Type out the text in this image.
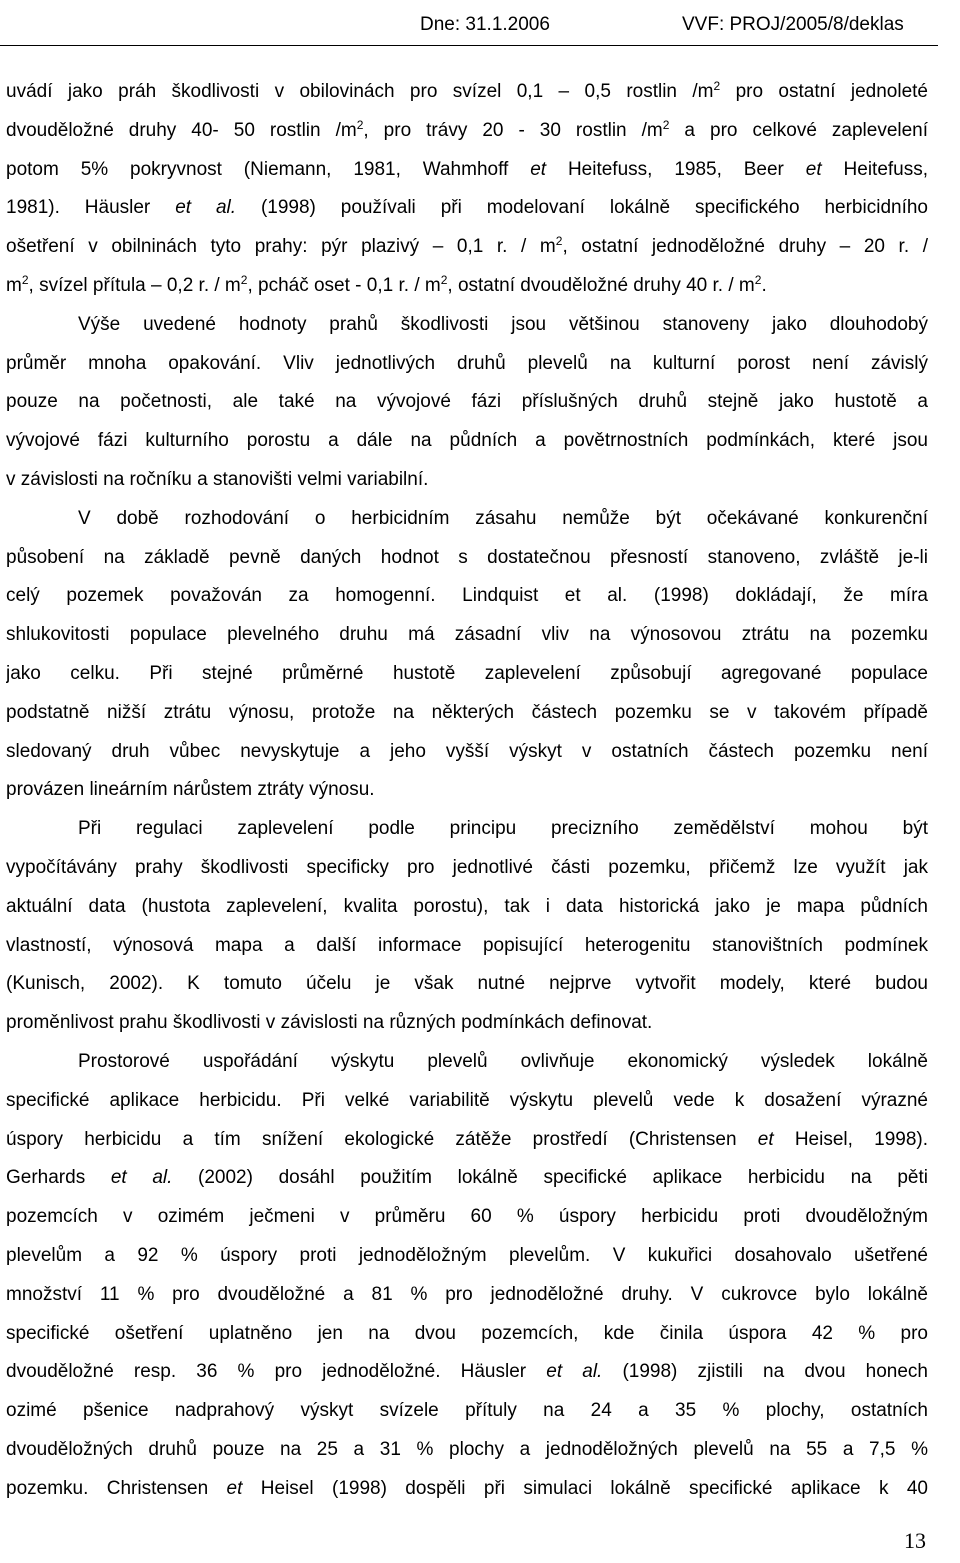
Dne: 31.1.2006	VVF: PROJ/2005/8/deklas
uvádí jako práh škodlivosti v obilovinách pro svízel 0,1 – 0,5 rostlin $/m^2$ pro ostatní jednoleté
dvouděložné druhy 40- 50 rostlin $/m^2$, pro trávy 20 - 30 rostlin $/m^2$ a pro celkové zaplevelení
potom 5% pokryvnost (Niemann, 1981, Wahmhoff et Heitefuss, 1985, Beer et Heitefuss,
1981). Häusler et al. (1998) používali při modelovaní lokálně specifického herbicidního
ošetření v obilninách tyto prahy: pýr plazivý – 0,1 r. / $m^2$, ostatní jednoděložné druhy – 20 r. /
$m^2$, svízel přítula – 0,2 r. / $m^2$, pcháč oset - 0,1 r. / $m^2$, ostatní dvouděložné druhy 40 r. / $m^2$.
Výše uvedené hodnoty prahů škodlivosti jsou většinou stanoveny jako dlouhodobý
průměr mnoha opakování. Vliv jednotlivých druhů plevelů na kulturní porost není závislý
pouze na početnosti, ale také na vývojové fázi příslušných druhů stejně jako hustotě a
vývojové fázi kulturního porostu a dále na půdních a povětrnostních podmínkách, které jsou
v závislosti na ročníku a stanovišti velmi variabilní.
V době rozhodování o herbicidním zásahu nemůže být očekávané konkurenční
působení na základě pevně daných hodnot s dostatečnou přesností stanoveno, zvláště je-li
celý pozemek považován za homogenní. Lindquist et al. (1998) dokládají, že míra
shlukovitosti populace plevelného druhu má zásadní vliv na výnosovou ztrátu na pozemku
jako celku. Při stejné průměrné hustotě zaplevelení způsobují agregované populace
podstatně nižší ztrátu výnosu, protože na některých částech pozemku se v takovém případě
sledovaný druh vůbec nevyskytuje a jeho vyšší výskyt v ostatních částech pozemku není
provázen lineárním nárůstem ztráty výnosu.
Při regulaci zaplevelení podle principu precizního zemědělství mohou být
vypočítávány prahy škodlivosti specificky pro jednotlivé části pozemku, přičemž lze využít jak
aktuální data (hustota zaplevelení, kvalita porostu), tak i data historická jako je mapa půdních
vlastností, výnosová mapa a další informace popisující heterogenitu stanovištních podmínek
(Kunisch, 2002). K tomuto účelu je však nutné nejprve vytvořit modely, které budou
proměnlivost prahu škodlivosti v závislosti na různých podmínkách definovat.
Prostorové uspořádání výskytu plevelů ovlivňuje ekonomický výsledek lokálně
specifické aplikace herbicidu. Při velké variabilitě výskytu plevelů vede k dosažení výrazné
úspory herbicidu a tím snížení ekologické zátěže prostředí (Christensen et Heisel, 1998).
Gerhards et al. (2002) dosáhl použitím lokálně specifické aplikace herbicidu na pěti
pozemcích v ozimém ječmeni v průměru 60 % úspory herbicidu proti dvouděložným
plevelům a 92 % úspory proti jednoděložným plevelům. V kukuřici dosahovalo ušetřené
množství 11 % pro dvouděložné a 81 % pro jednoděložné druhy. V cukrovce bylo lokálně
specifické ošetření uplatněno jen na dvou pozemcích, kde činila úspora 42 % pro
dvouděložné resp. 36 % pro jednoděložné. Häusler et al. (1998) zjistili na dvou honech
ozimé pšenice nadprahový výskyt svízele přítuly na 24 a 35 % plochy, ostatních
dvouděložných druhů pouze na 25 a 31 % plochy a jednoděložných plevelů na 55 a 7,5 %
pozemku. Christensen et Heisel (1998) dospěli při simulaci lokálně specifické aplikace k 40
13
